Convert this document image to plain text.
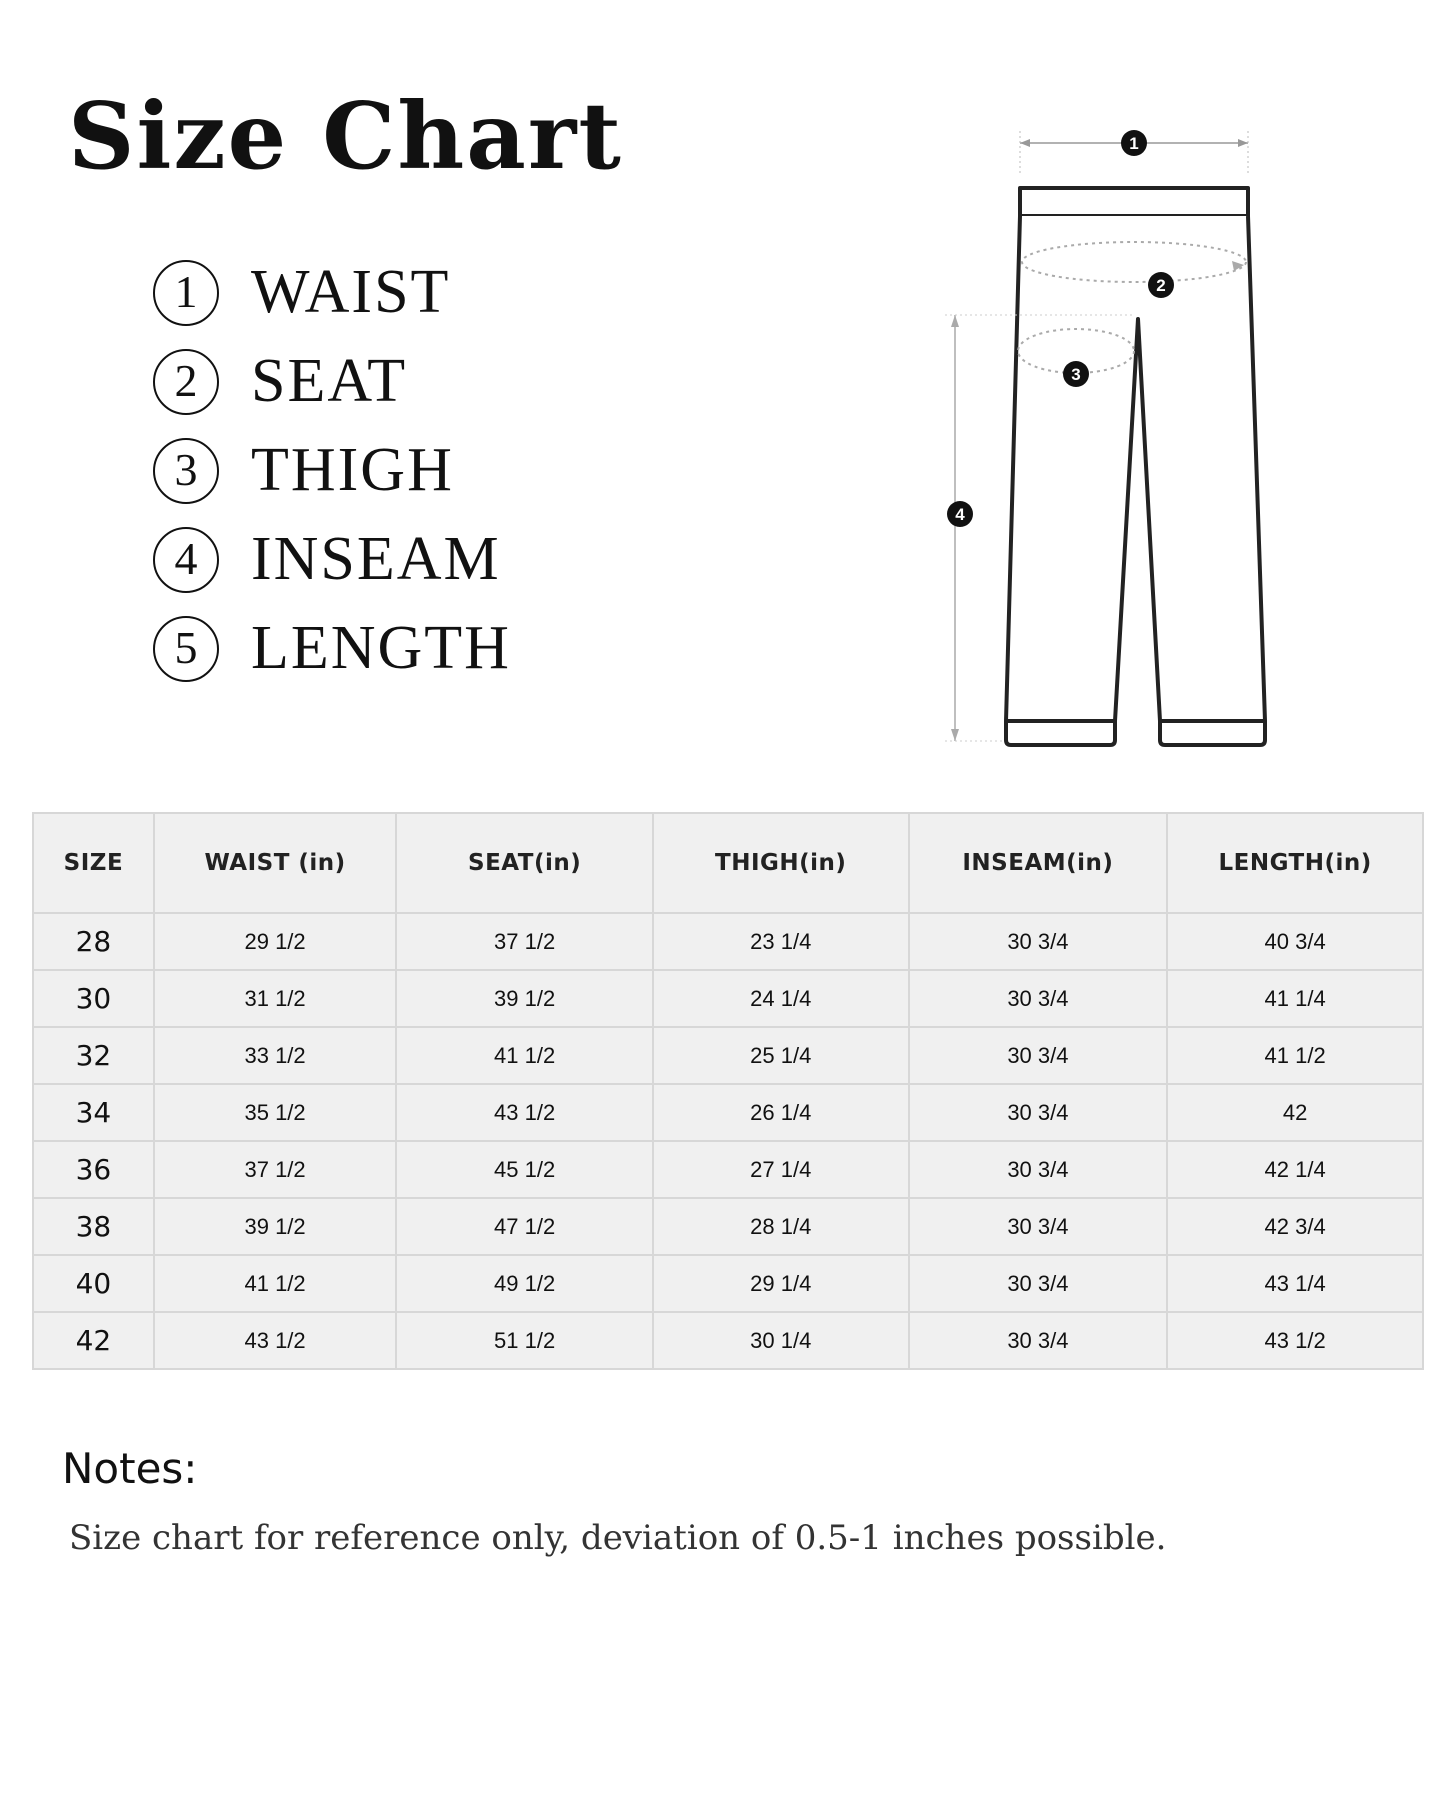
Size Chart
1 WAIST
2 SEAT
3 THIGH
4 INSEAM
5 LENGTH
1
2
3
4
SIZE	WAIST (in)	SEAT(in)	THIGH(in)	INSEAM(in)	LENGTH(in)
28	29 1/2	37 1/2	23 1/4	30 3/4	40 3/4
30	31 1/2	39 1/2	24 1/4	30 3/4	41 1/4
32	33 1/2	41 1/2	25 1/4	30 3/4	41 1/2
34	35 1/2	43 1/2	26 1/4	30 3/4	42
36	37 1/2	45 1/2	27 1/4	30 3/4	42 1/4
38	39 1/2	47 1/2	28 1/4	30 3/4	42 3/4
40	41 1/2	49 1/2	29 1/4	30 3/4	43 1/4
42	43 1/2	51 1/2	30 1/4	30 3/4	43 1/2
Notes:
Size chart for reference only, deviation of 0.5-1 inches possible.
